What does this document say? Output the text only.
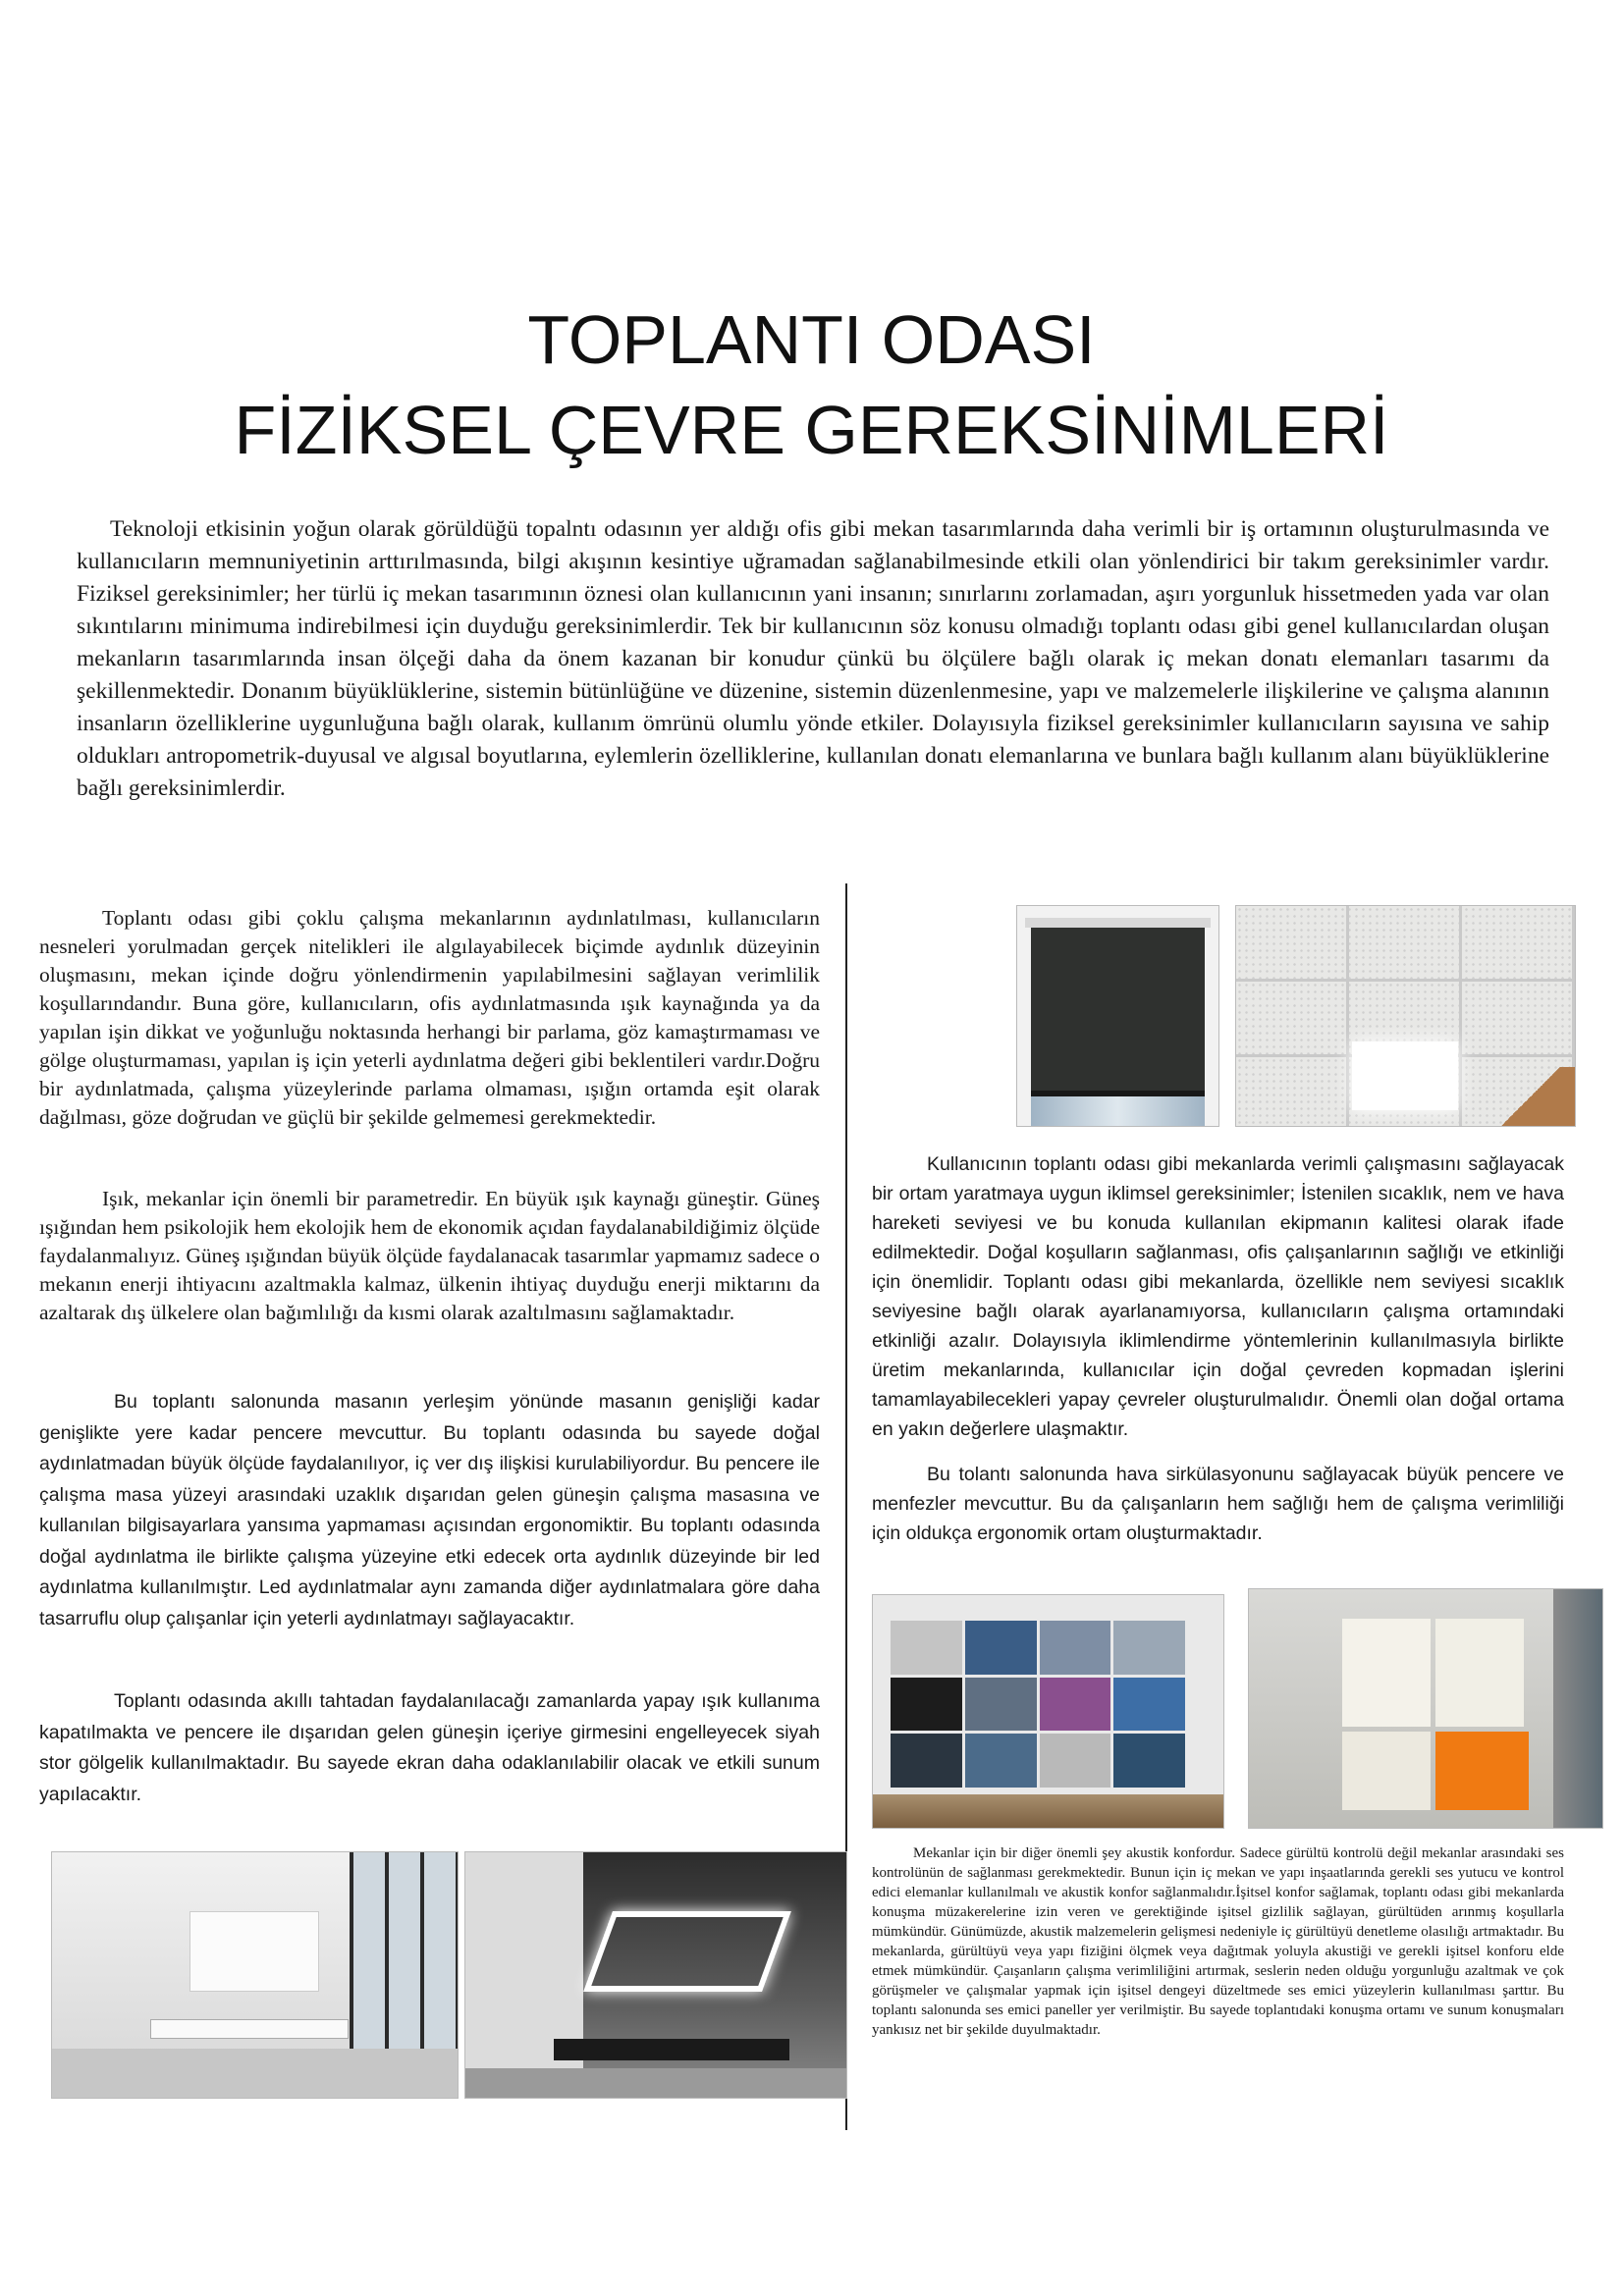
TOPLANTI ODASI
FİZİKSEL ÇEVRE GEREKSİNİMLERİ

Teknoloji etkisinin yoğun olarak görüldüğü topalntı odasının yer aldığı ofis gibi mekan tasarımlarında daha verimli bir iş ortamının oluşturulmasında ve kullanıcıların memnuniyetinin arttırılmasında, bilgi akışının kesintiye uğramadan sağlanabilmesinde etkili olan yönlendirici bir takım gereksinimler vardır. Fiziksel gereksinimler; her türlü iç mekan tasarımının öznesi olan kullanıcının yani insanın; sınırlarını zorlamadan, aşırı yorgunluk hissetmeden yada var olan sıkıntılarını minimuma indirebilmesi için duyduğu gereksinimlerdir. Tek bir kullanıcının söz konusu olmadığı toplantı odası gibi genel kullanıcılardan oluşan mekanların tasarımlarında insan ölçeği daha da önem kazanan bir konudur çünkü bu ölçülere bağlı olarak iç mekan donatı elemanları tasarımı da şekillenmektedir. Donanım büyüklüklerine, sistemin bütünlüğüne ve düzenine, sistemin düzenlenmesine, yapı ve malzemelerle ilişkilerine ve çalışma alanının insanların özelliklerine uygunluğuna bağlı olarak, kullanım ömrünü olumlu yönde etkiler. Dolayısıyla fiziksel gereksinimler kullanıcıların sayısına ve sahip oldukları antropometrik-duyusal ve algısal boyutlarına, eylemlerin özelliklerine, kullanılan donatı elemanlarına ve bunlara bağlı kullanım alanı büyüklüklerine bağlı gereksinimlerdir.

Toplantı odası gibi çoklu çalışma mekanlarının aydınlatılması, kullanıcıların nesneleri yorulmadan gerçek nitelikleri ile algılayabilecek biçimde aydınlık düzeyinin oluşmasını, mekan içinde doğru yönlendirmenin yapılabilmesini sağlayan verimlilik koşullarındandır. Buna göre, kullanıcıların, ofis aydınlatmasında ışık kaynağında ya da yapılan işin dikkat ve yoğunluğu noktasında herhangi bir parlama, göz kamaştırmaması ve gölge oluşturmaması, yapılan iş için yeterli aydınlatma değeri gibi beklentileri vardır.Doğru bir aydınlatmada, çalışma yüzeylerinde parlama olmaması, ışığın ortamda eşit olarak dağılması, göze doğrudan ve güçlü bir şekilde gelmemesi gerekmektedir.

Işık, mekanlar için önemli bir parametredir. En büyük ışık kaynağı güneştir. Güneş ışığından hem psikolojik hem ekolojik hem de ekonomik açıdan faydalanabildiğimiz ölçüde faydalanmalıyız. Güneş ışığından büyük ölçüde faydalanacak tasarımlar yapmamız sadece o mekanın enerji ihtiyacını azaltmakla kalmaz, ülkenin ihtiyaç duyduğu enerji miktarını da azaltarak dış ülkelere olan bağımlılığı da kısmi olarak azaltılmasını sağlamaktadır.

Bu toplantı salonunda masanın yerleşim yönünde masanın genişliği kadar genişlikte yere kadar pencere mevcuttur. Bu toplantı odasında bu sayede doğal aydınlatmadan büyük ölçüde faydalanılıyor, iç ver dış ilişkisi kurulabiliyordur. Bu pencere ile çalışma masa yüzeyi arasındaki uzaklık dışarıdan gelen güneşin çalışma masasına ve kullanılan bilgisayarlara yansıma yapmaması açısından ergonomiktir. Bu toplantı odasında doğal aydınlatma ile birlikte çalışma yüzeyine etki edecek orta aydınlık düzeyinde bir led aydınlatma kullanılmıştır. Led aydınlatmalar aynı zamanda diğer aydınlatmalara göre daha tasarruflu olup çalışanlar için yeterli aydınlatmayı sağlayacaktır.

Toplantı odasında akıllı tahtadan faydalanılacağı zamanlarda yapay ışık kullanıma kapatılmakta ve pencere ile dışarıdan gelen güneşin içeriye girmesini engelleyecek siyah stor gölgelik kullanılmaktadır. Bu sayede ekran daha odaklanılabilir olacak ve etkili sunum yapılacaktır.

Kullanıcının toplantı odası gibi mekanlarda verimli çalışmasını sağlayacak bir ortam yaratmaya uygun iklimsel gereksinimler; İstenilen sıcaklık, nem ve hava hareketi seviyesi ve bu konuda kullanılan ekipmanın kalitesi olarak ifade edilmektedir. Doğal koşulların sağlanması, ofis çalışanlarının sağlığı ve etkinliği için önemlidir. Toplantı odası gibi mekanlarda, özellikle nem seviyesi sıcaklık seviyesine bağlı olarak ayarlanamıyorsa, kullanıcıların çalışma ortamındaki etkinliği azalır. Dolayısıyla iklimlendirme yöntemlerinin kullanılmasıyla birlikte üretim mekanlarında, kullanıcılar için doğal çevreden kopmadan işlerini tamamlayabilecekleri yapay çevreler oluşturulmalıdır. Önemli olan doğal ortama en yakın değerlere ulaşmaktır.

Bu tolantı salonunda hava sirkülasyonunu sağlayacak büyük pencere ve menfezler mevcuttur. Bu da çalışanların hem sağlığı hem de çalışma verimliliği için oldukça ergonomik ortam oluşturmaktadır.

Mekanlar için bir diğer önemli şey akustik konfordur. Sadece gürültü kontrolü değil mekanlar arasındaki ses kontrolünün de sağlanması gerekmektedir. Bunun için iç mekan ve yapı inşaatlarında gerekli ses yutucu ve kontrol edici elemanlar kullanılmalı ve akustik konfor sağlanmalıdır.İşitsel konfor sağlamak, toplantı odası gibi mekanlarda konuşma müzakerelerine izin veren ve gerektiğinde işitsel gizlilik sağlayan, gürültüden arınmış koşullarla mümkündür. Günümüzde, akustik malzemelerin gelişmesi nedeniyle iç gürültüyü denetleme olasılığı artmaktadır. Bu mekanlarda, gürültüyü veya yapı fiziğini ölçmek veya dağıtmak yoluyla akustiği ve gerekli işitsel konforu elde etmek mümkündür. Çaışanların çalışma verimliliğini artırmak, seslerin neden olduğu yorgunluğu azaltmak ve çok görüşmeler ve çalışmalar yapmak için işitsel dengeyi düzeltmede ses emici yüzeylerin kullanılması şarttır. Bu toplantı salonunda ses emici paneller yer verilmiştir. Bu sayede toplantıdaki konuşma ortamı ve sunum konuşmaları yankısız net bir şekilde duyulmaktadır.
